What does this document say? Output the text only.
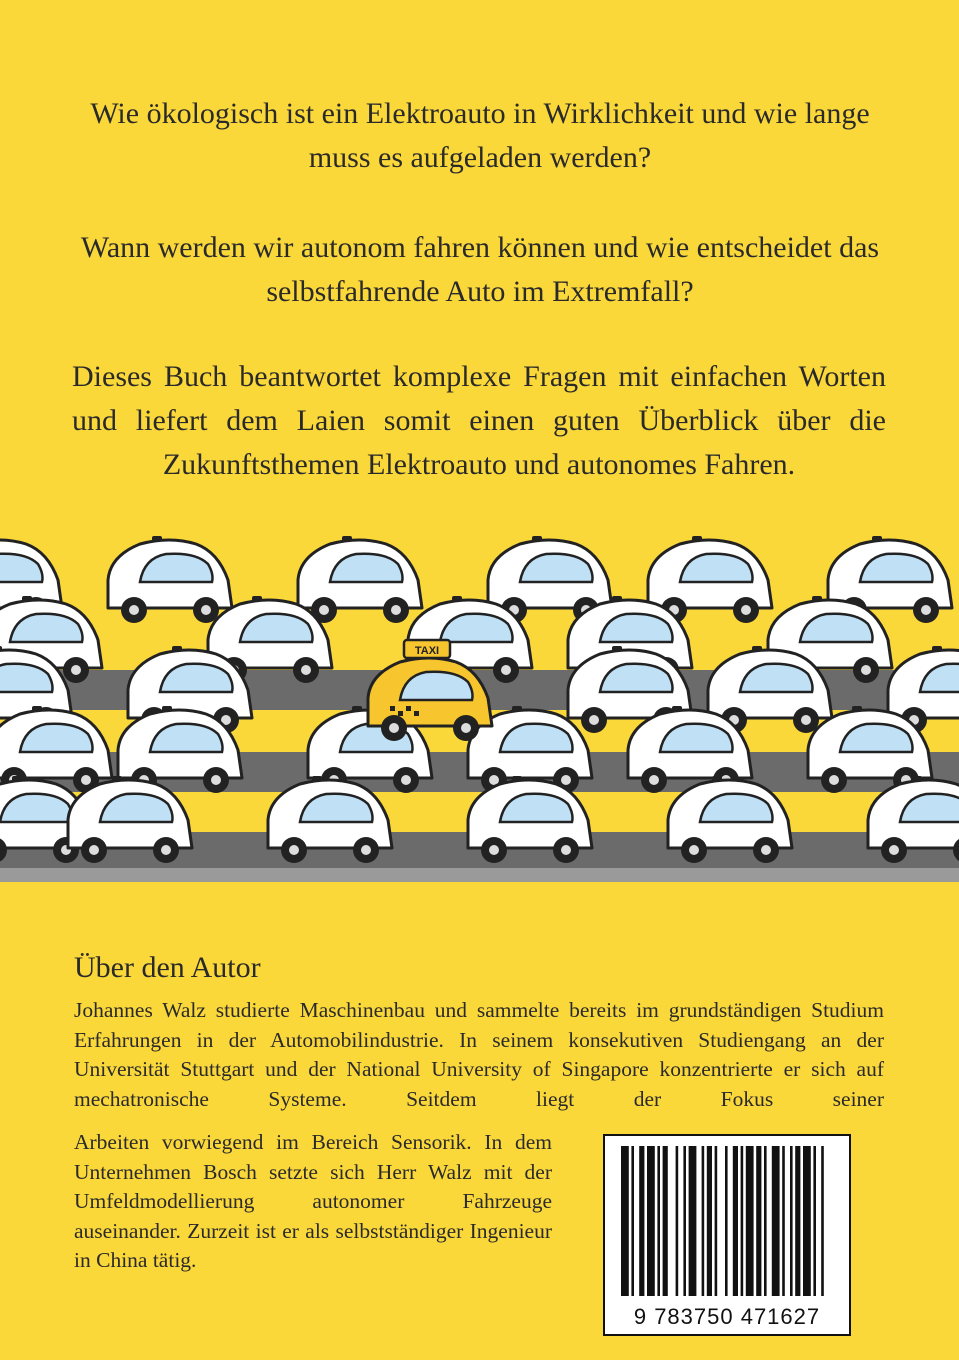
Wie ökologisch ist ein Elektroauto in Wirklichkeit und wie lange muss es aufgeladen werden?

Wann werden wir autonom fahren können und wie entscheidet das selbstfahrende Auto im Extremfall?

Dieses Buch beantwortet komplexe Fragen mit einfachen Worten und liefert dem Laien somit einen guten Überblick über die Zukunftsthemen Elektroauto und autonomes Fahren.

TAXI
Über den Autor

Johannes Walz studierte Maschinenbau und sammelte bereits im grundständigen Studium Erfahrungen in der Automobilindustrie. In seinem konsekutiven Studiengang an der Universität Stuttgart und der National University of Singapore konzentrierte er sich auf mechatronische Systeme. Seitdem liegt der Fokus seiner

Arbeiten vorwiegend im Bereich Sensorik. In dem Unternehmen Bosch setzte sich Herr Walz mit der Umfeldmodellierung autonomer Fahrzeuge auseinander. Zurzeit ist er als selbstständiger Ingenieur in China tätig.

9 783750 471627
